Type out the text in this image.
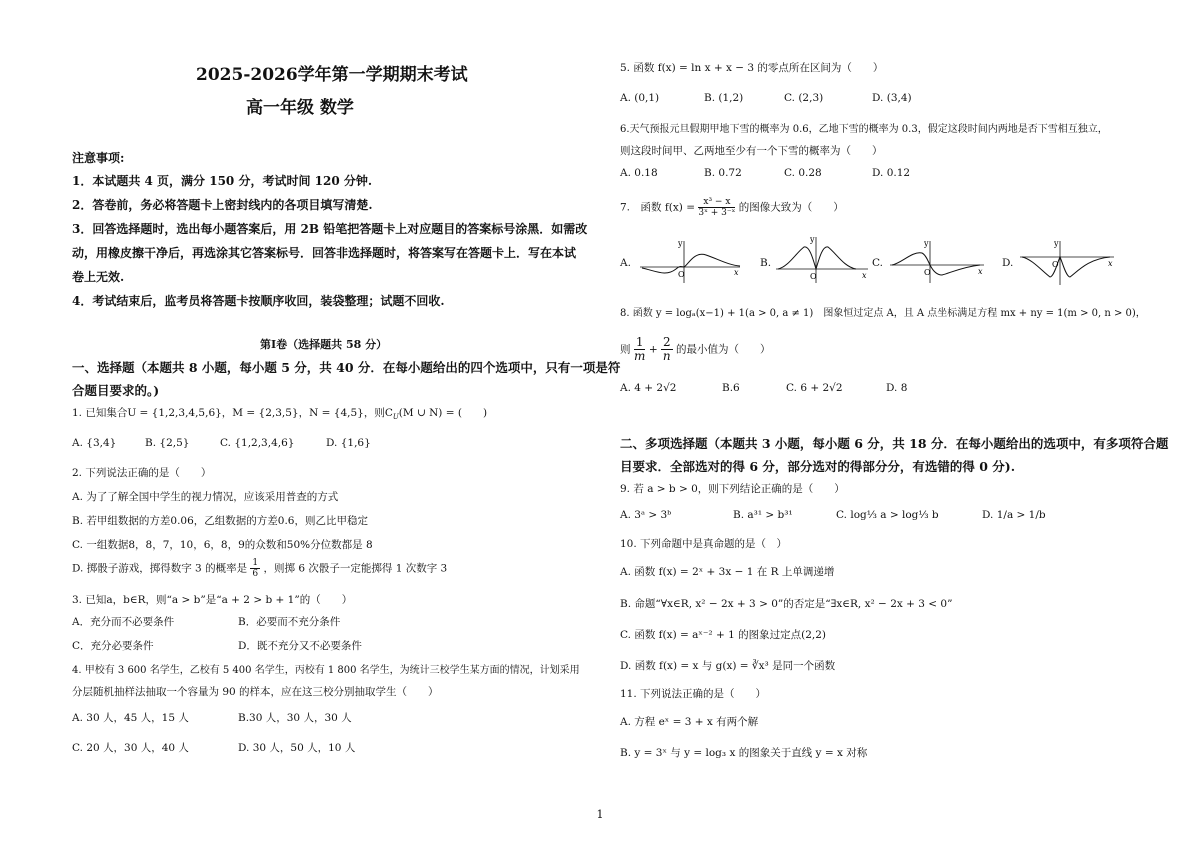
2025-2026学年第一学期期末考试
高一年级 数学
注意事项:
1．本试题共 4 页，满分 150 分，考试时间 120 分钟.
2．答卷前，务必将答题卡上密封线内的各项目填写清楚.
3．回答选择题时，选出每小题答案后，用 2B 铅笔把答题卡上对应题目的答案标号涂黑．如需改
动，用橡皮擦干净后，再选涂其它答案标号．回答非选择题时，将答案写在答题卡上．写在本试
卷上无效.
4．考试结束后，监考员将答题卡按顺序收回，装袋整理；试题不回收.
第Ⅰ卷（选择题共 58 分）
一、选择题（本题共 8 小题，每小题 5 分，共 40 分．在每小题给出的四个选项中，只有一项是符
合题目要求的。)
1. 已知集合U = {1,2,3,4,5,6}，M = {2,3,5}，N = {4,5}，则$C_U(M$ ∪ N) = (　　)
A. {3,4}	B. {2,5}	C. {1,2,3,4,6}	D. {1,6}
2. 下列说法正确的是（　　）
A. 为了了解全国中学生的视力情况，应该采用普查的方式
B. 若甲组数据的方差0.06，乙组数据的方差0.6，则乙比甲稳定
C. 一组数据8，8，7，10，6，8，9的众数和50%分位数都是 8
D. 掷骰子游戏，掷得数字 3 的概率是 $\frac{1}{6}$ ，则掷 6 次骰子一定能掷得 1 次数字 3
3. 已知a，b∈R，则“a > b”是“a + 2 > b + 1”的（　　）
A．充分而不必要条件	B．必要而不充分条件
C．充分必要条件	D．既不充分又不必要条件
4. 甲校有 3 600 名学生，乙校有 5 400 名学生，丙校有 1 800 名学生，为统计三校学生某方面的情况，计划采用
分层随机抽样法抽取一个容量为 90 的样本，应在这三校分别抽取学生（　　）
A. 30 人，45 人，15 人	B.30 人，30 人，30 人
C. 20 人，30 人，40 人	D. 30 人，50 人，10 人
5. 函数 f(x) = ln x + x − 3 的零点所在区间为（　　）
A. (0,1)	B. (1,2)	C. (2,3)	D. (3,4)
6.天气预报元旦假期甲地下雪的概率为 0.6，乙地下雪的概率为 0.3，假定这段时间内两地是否下雪相互独立，
则这段时间甲、乙两地至少有一个下雪的概率为（　　）
A. 0.18	B. 0.72	C. 0.28	D. 0.12
7.　函数 $f(x) = \frac{\text{x³ − x}}{\text{3ˣ + 3⁻ˣ}}$ 的图像大致为（　　）
A.
y
x
O
B.
y
x
O
C.
y
x
O
D.
y
x
O
8. 函数 y = logₐ(x−1) + 1(a > 0, a ≠ 1)　图象恒过定点 A，且 A 点坐标满足方程 mx + ny = 1(m > 0, n > 0)，
则 $\frac{1}{m} + \frac{2}{n}$ 的最小值为（　　）
A. 4 + 2√2	B.6	C. 6 + 2√2	D. 8
二、多项选择题（本题共 3 小题，每小题 6 分，共 18 分．在每小题给出的选项中，有多项符合题
目要求．全部选对的得 6 分，部分选对的得部分分，有选错的得 0 分).
9. 若 a > b > 0，则下列结论正确的是（　　）
A. 3ᵃ > 3ᵇ	B. a³¹ > b³¹	C. log⅓ a > log⅓ b	D. 1/a > 1/b
10. 下列命题中是真命题的是（　）
A. 函数 f(x) = 2ˣ + 3x − 1 在 R 上单调递增
B. 命题“∀x∈R, x² − 2x + 3 > 0”的否定是“∃x∈R, x² − 2x + 3 < 0”
C. 函数 f(x) = aˣ⁻² + 1 的图象过定点(2,2)
D. 函数 f(x) = x 与 g(x) = ∛x³ 是同一个函数
11. 下列说法正确的是（　　）
A. 方程 eˣ = 3 + x 有两个解
B. y = 3ˣ 与 y = log₃ x 的图象关于直线 y = x 对称
1
